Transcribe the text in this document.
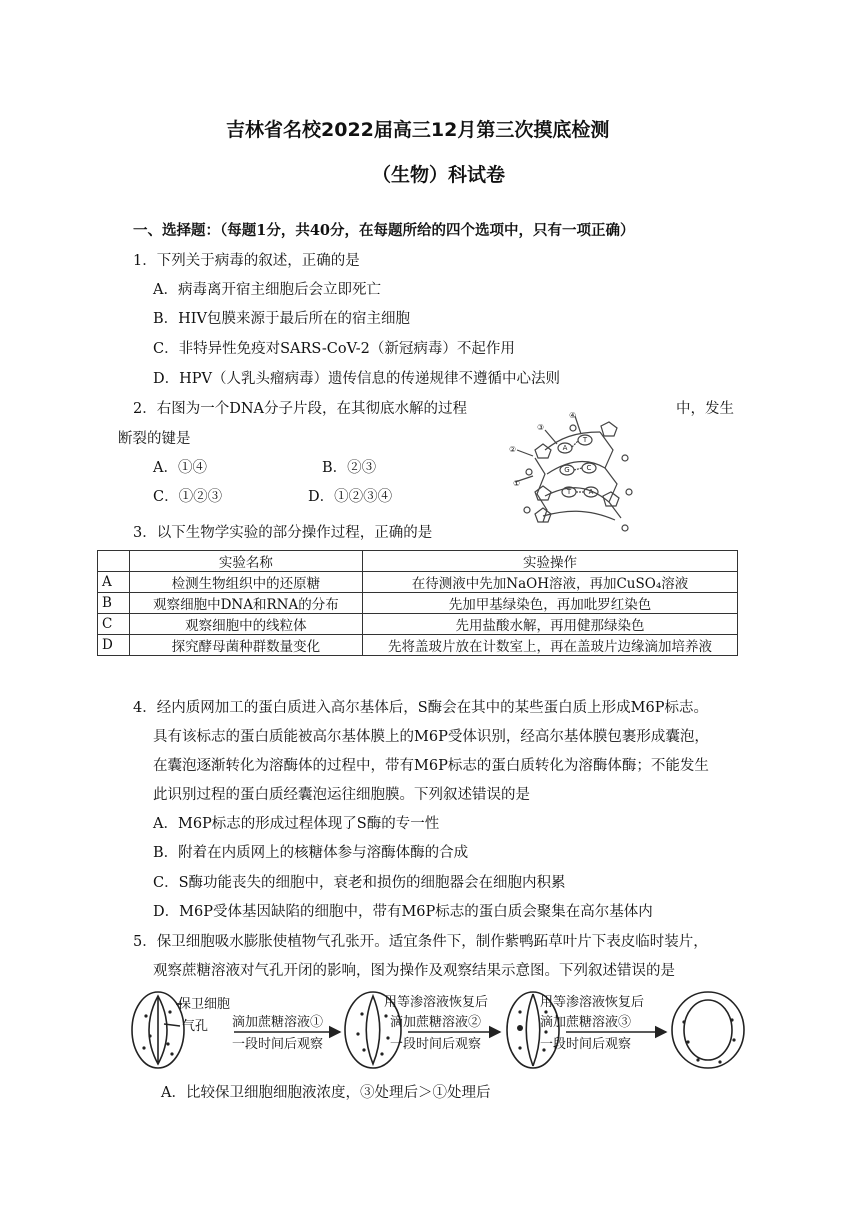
吉林省名校2022届高三12月第三次摸底检测
（生物）科试卷
一、选择题：（每题1分，共40分，在每题所给的四个选项中，只有一项正确）
1．下列关于病毒的叙述，正确的是
A．病毒离开宿主细胞后会立即死亡
B．HIV包膜来源于最后所在的宿主细胞
C．非特异性免疫对SARS-CoV-2（新冠病毒）不起作用
D．HPV（人乳头瘤病毒）遗传信息的传递规律不遵循中心法则
2．右图为一个DNA分子片段，在其彻底水解的过程	中，发生
断裂的键是
A．①④	B．②③
C．①②③	D．①②③④
A
T
G C
T A
①
②
③
④
3．以下生物学实验的部分操作过程，正确的是
	实验名称	实验操作
A	检测生物组织中的还原糖	在待测液中先加NaOH溶液，再加CuSO₄溶液
B	观察细胞中DNA和RNA的分布	先加甲基绿染色，再加吡罗红染色
C	观察细胞中的线粒体	先用盐酸水解，再用健那绿染色
D	探究酵母菌种群数量变化	先将盖玻片放在计数室上，再在盖玻片边缘滴加培养液
4．经内质网加工的蛋白质进入高尔基体后，S酶会在其中的某些蛋白质上形成M6P标志。
具有该标志的蛋白质能被高尔基体膜上的M6P受体识别，经高尔基体膜包裹形成囊泡，
在囊泡逐渐转化为溶酶体的过程中，带有M6P标志的蛋白质转化为溶酶体酶；不能发生
此识别过程的蛋白质经囊泡运往细胞膜。下列叙述错误的是
A．M6P标志的形成过程体现了S酶的专一性
B．附着在内质网上的核糖体参与溶酶体酶的合成
C．S酶功能丧失的细胞中，衰老和损伤的细胞器会在细胞内积累
D．M6P受体基因缺陷的细胞中，带有M6P标志的蛋白质会聚集在高尔基体内
5．保卫细胞吸水膨胀使植物气孔张开。适宜条件下，制作紫鸭跖草叶片下表皮临时装片，
观察蔗糖溶液对气孔开闭的影响，图为操作及观察结果示意图。下列叙述错误的是
保卫细胞
气孔 滴加蔗糖溶液①
一段时间后观察
用等渗溶液恢复后
滴加蔗糖溶液②
一段时间后观察
用等渗溶液恢复后
滴加蔗糖溶液③
一段时间后观察
A．比较保卫细胞细胞液浓度，③处理后＞①处理后
